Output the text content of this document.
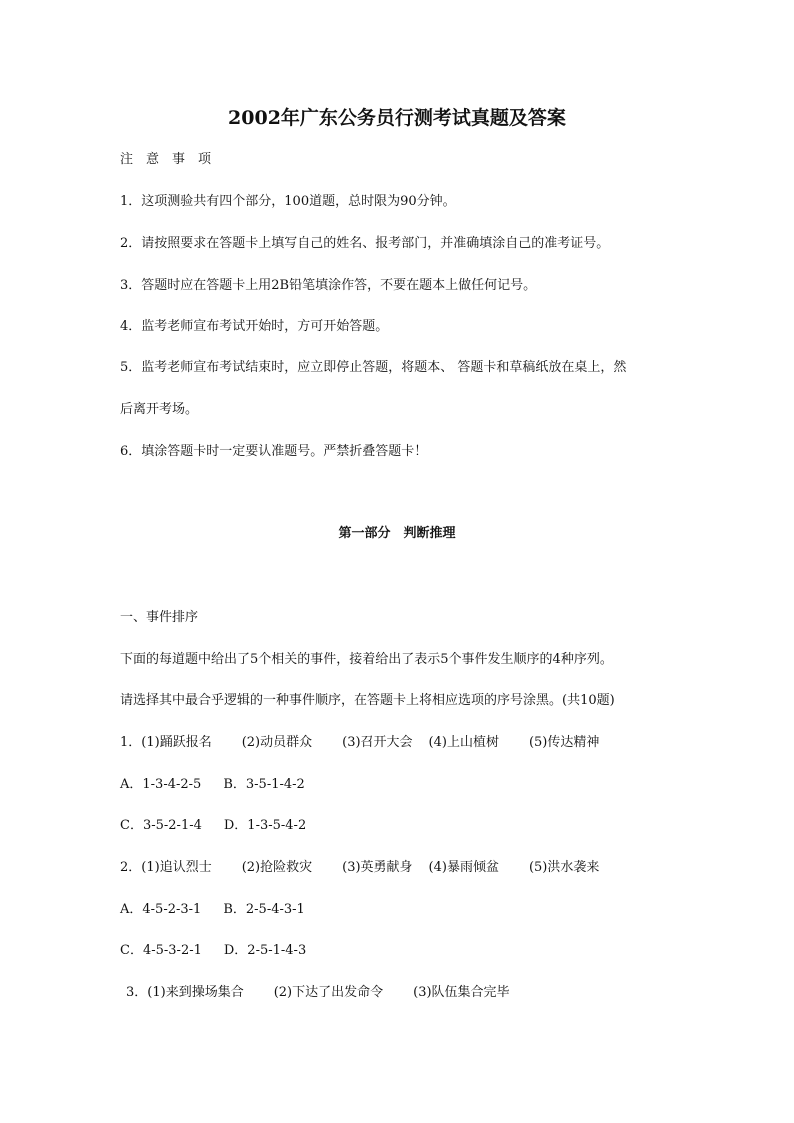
2002年广东公务员行测考试真题及答案
注　意　事　项
1．这项测验共有四个部分，100道题，总时限为90分钟。
2．请按照要求在答题卡上填写自己的姓名、报考部门，并准确填涂自己的准考证号。
3．答题时应在答题卡上用2B铅笔填涂作答，不要在题本上做任何记号。
4．监考老师宣布考试开始时，方可开始答题。
5．监考老师宣布考试结束时，应立即停止答题，将题本、 答题卡和草稿纸放在桌上，然
后离开考场。
6．填涂答题卡时一定要认准题号。严禁折叠答题卡！
第一部分　判断推理
一、事件排序
下面的每道题中给出了5个相关的事件，接着给出了表示5个事件发生顺序的4种序列。
请选择其中最合乎逻辑的一种事件顺序，在答题卡上将相应选项的序号涂黑。(共10题)
1．(1)踊跃报名 (2)动员群众 (3)召开大会 (4)上山植树 (5)传达精神
A．1-3-4-2-5 B．3-5-1-4-2
C．3-5-2-1-4 D．1-3-5-4-2
2．(1)追认烈士 (2)抢险救灾 (3)英勇献身 (4)暴雨倾盆 (5)洪水袭来
A．4-5-2-3-1 B．2-5-4-3-1
C．4-5-3-2-1 D．2-5-1-4-3
3．(1)来到操场集合 (2)下达了出发命令 (3)队伍集合完毕
